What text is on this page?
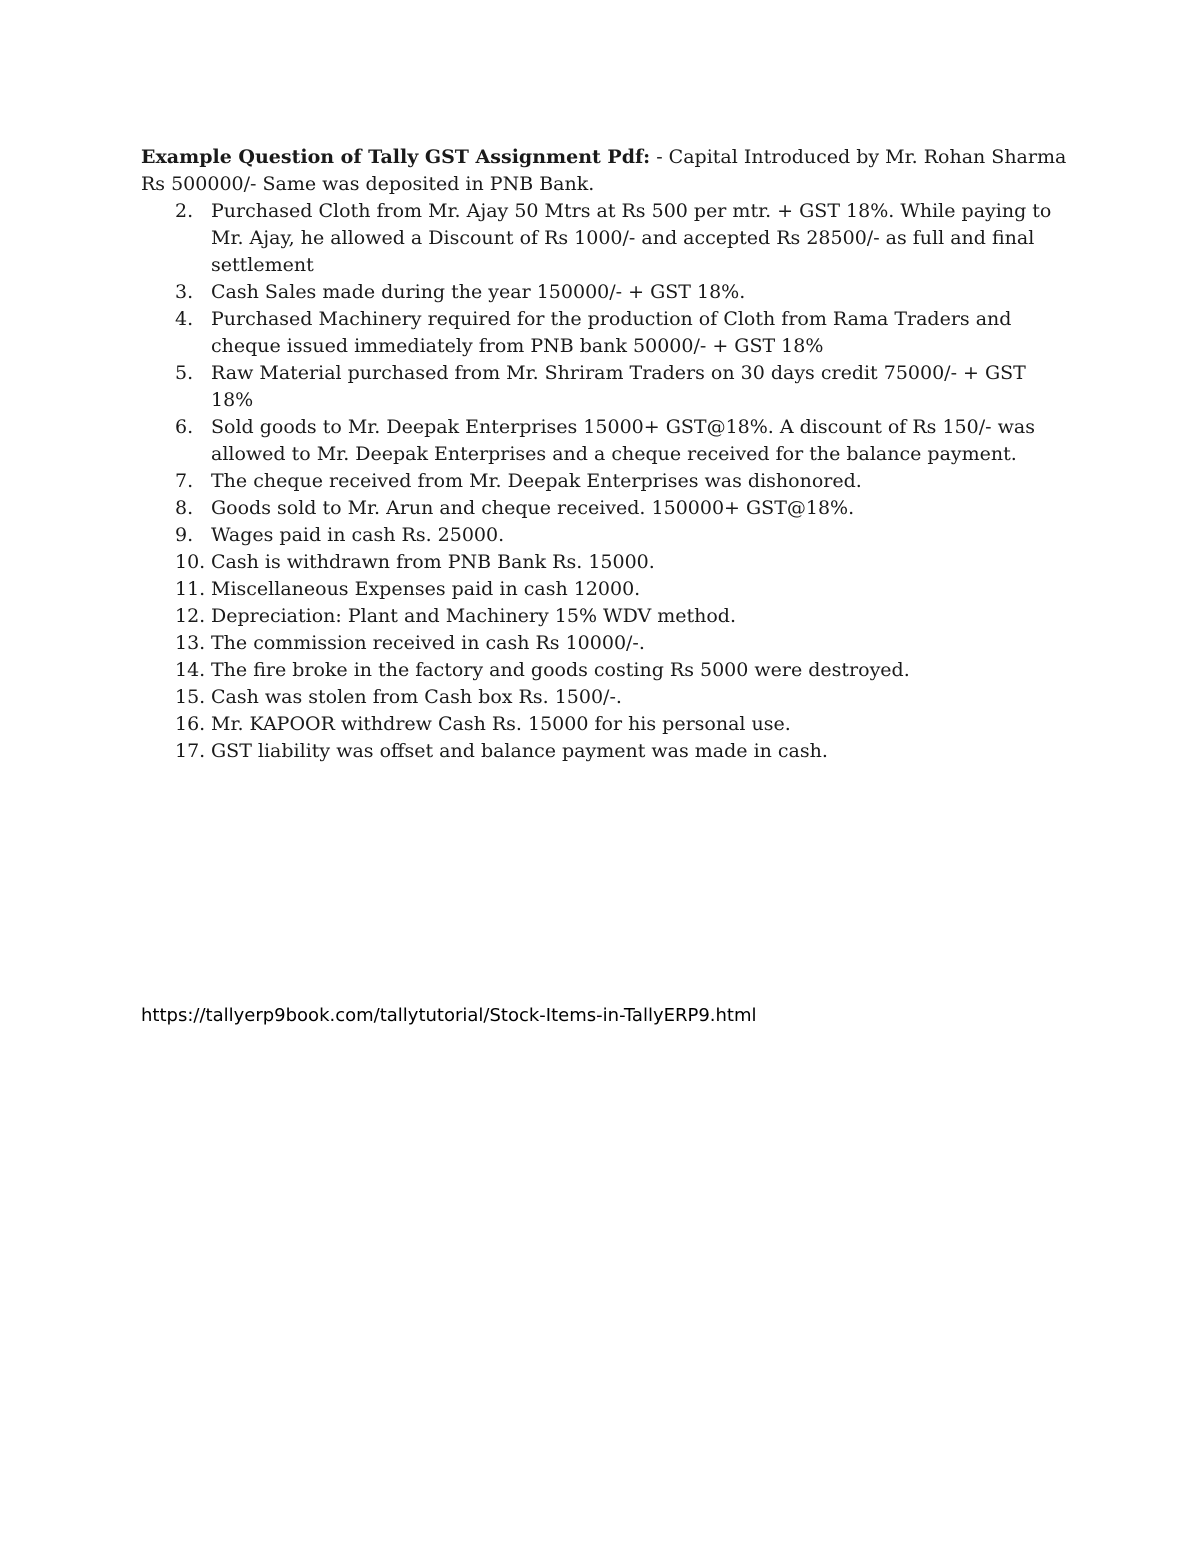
Example Question of Tally GST Assignment Pdf: - Capital Introduced by Mr. Rohan Sharma Rs 500000/- Same was deposited in PNB Bank.

2. Purchased Cloth from Mr. Ajay 50 Mtrs at Rs 500 per mtr. + GST 18%. While paying to Mr. Ajay, he allowed a Discount of Rs 1000/- and accepted Rs 28500/- as full and final settlement
3. Cash Sales made during the year 150000/- + GST 18%.
4. Purchased Machinery required for the production of Cloth from Rama Traders and cheque issued immediately from PNB bank 50000/- + GST 18%
5. Raw Material purchased from Mr. Shriram Traders on 30 days credit 75000/- + GST 18%
6. Sold goods to Mr. Deepak Enterprises 15000+ GST@18%. A discount of Rs 150/- was allowed to Mr. Deepak Enterprises and a cheque received for the balance payment.
7. The cheque received from Mr. Deepak Enterprises was dishonored.
8. Goods sold to Mr. Arun and cheque received. 150000+ GST@18%.
9. Wages paid in cash Rs. 25000.
10. Cash is withdrawn from PNB Bank Rs. 15000.
11. Miscellaneous Expenses paid in cash 12000.
12. Depreciation: Plant and Machinery 15% WDV method.
13. The commission received in cash Rs 10000/-.
14. The fire broke in the factory and goods costing Rs 5000 were destroyed.
15. Cash was stolen from Cash box Rs. 1500/-.
16. Mr. KAPOOR withdrew Cash Rs. 15000 for his personal use.
17. GST liability was offset and balance payment was made in cash.
https://tallyerp9book.com/tallytutorial/Stock-Items-in-TallyERP9.html
